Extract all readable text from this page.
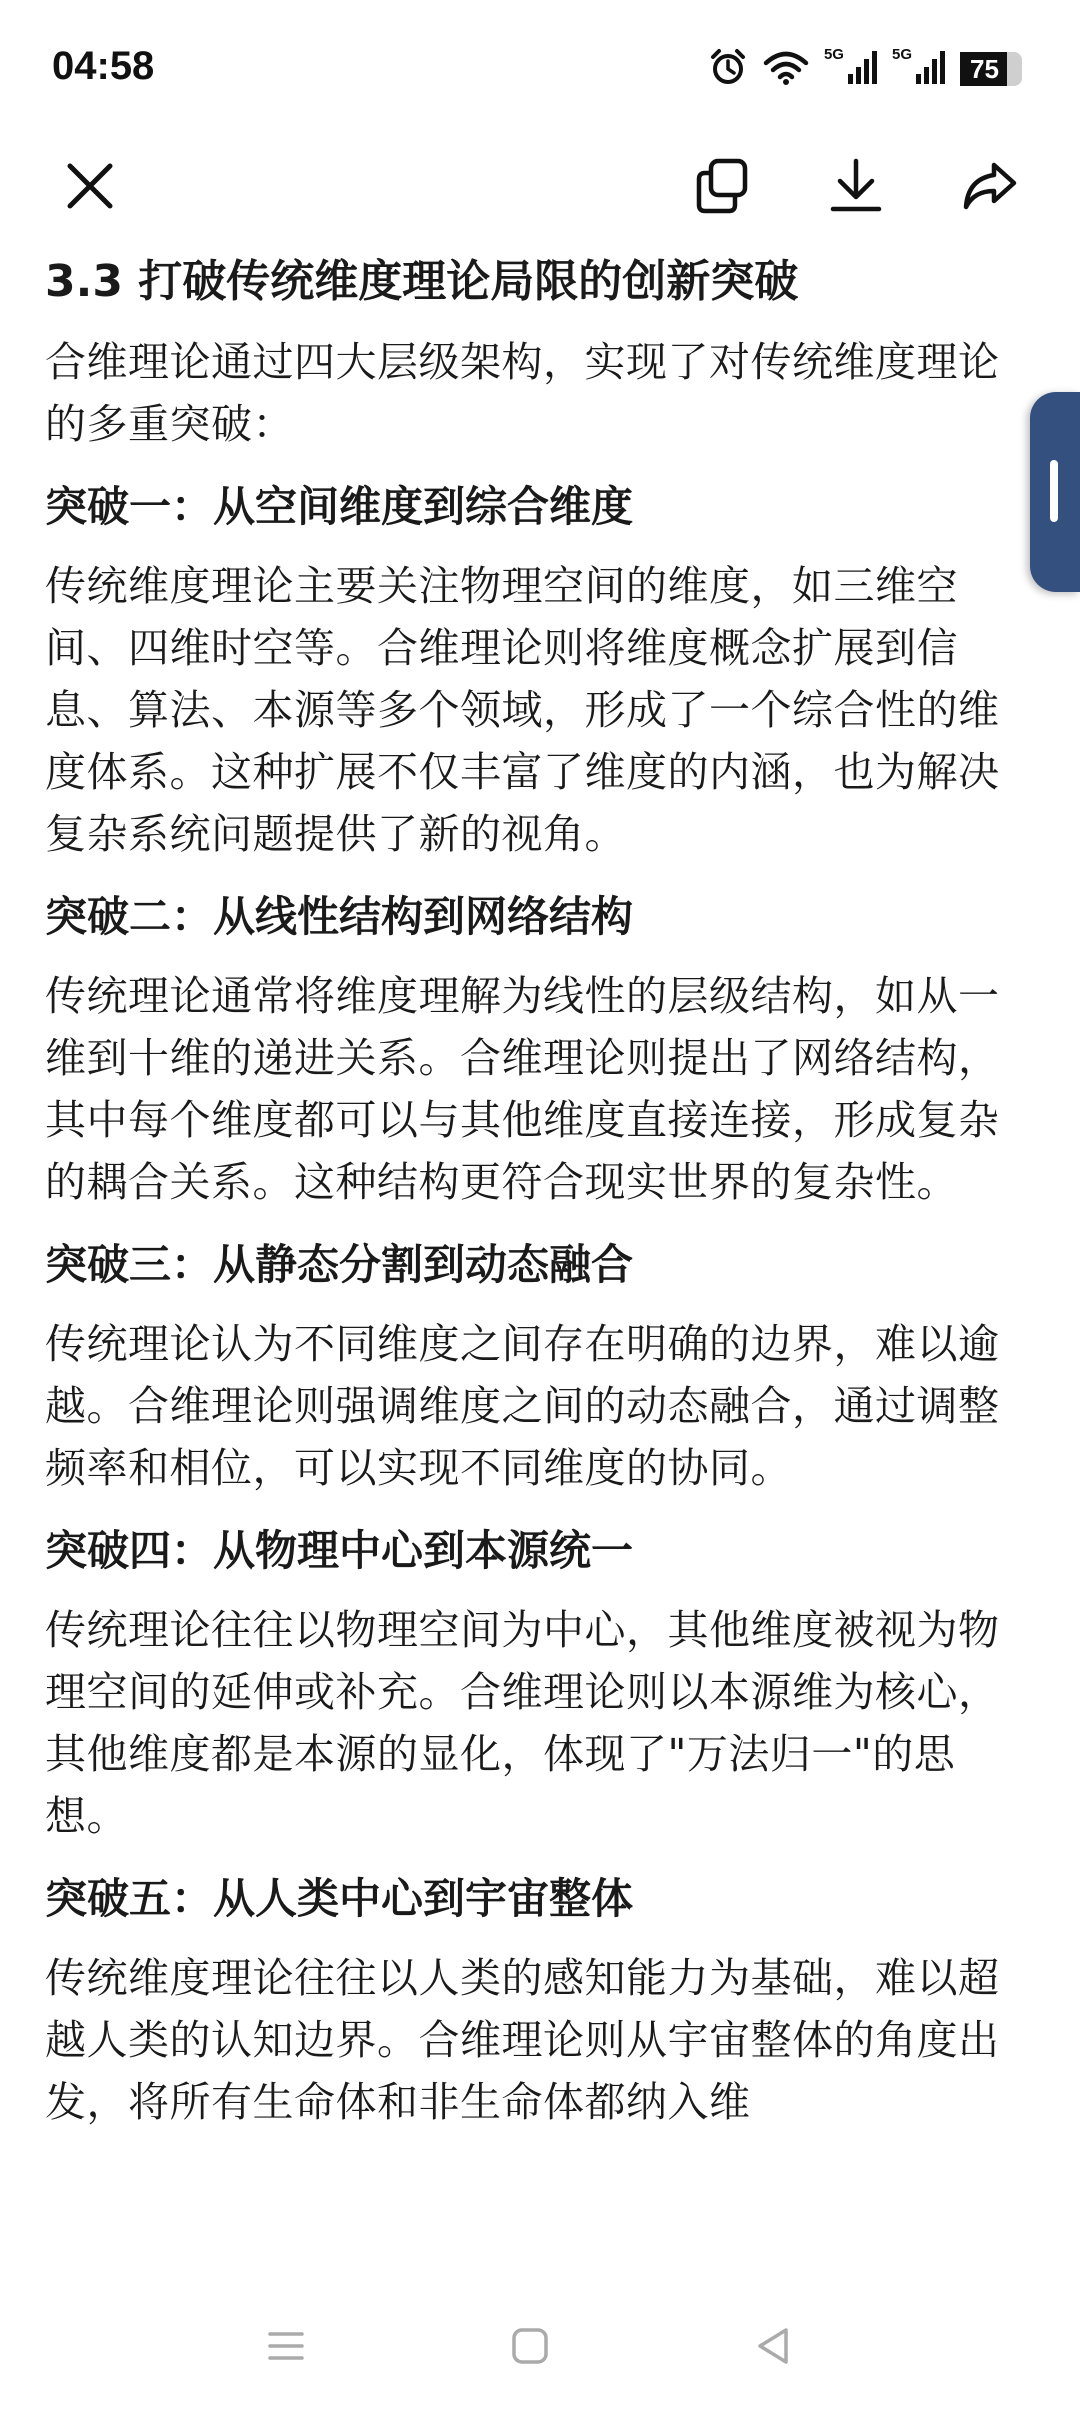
04:58	5G	5G	75
3.3 打破传统维度理论局限的创新突破

合维理论通过四大层级架构，实现了对传统维度理论的多重突破：

突破一：从空间维度到综合维度

传统维度理论主要关注物理空间的维度，如三维空间、四维时空等。合维理论则将维度概念扩展到信息、算法、本源等多个领域，形成了一个综合性的维度体系。这种扩展不仅丰富了维度的内涵，也为解决复杂系统问题提供了新的视角。

突破二：从线性结构到网络结构

传统理论通常将维度理解为线性的层级结构，如从一维到十维的递进关系。合维理论则提出了网络结构，其中每个维度都可以与其他维度直接连接，形成复杂的耦合关系。这种结构更符合现实世界的复杂性。

突破三：从静态分割到动态融合

传统理论认为不同维度之间存在明确的边界，难以逾越。合维理论则强调维度之间的动态融合，通过调整频率和相位，可以实现不同维度的协同。

突破四：从物理中心到本源统一

传统理论往往以物理空间为中心，其他维度被视为物理空间的延伸或补充。合维理论则以本源维为核心，其他维度都是本源的显化，体现了"万法归一"的思想。

突破五：从人类中心到宇宙整体

传统维度理论往往以人类的感知能力为基础，难以超越人类的认知边界。合维理论则从宇宙整体的角度出发，将所有生命体和非生命体都纳入维
